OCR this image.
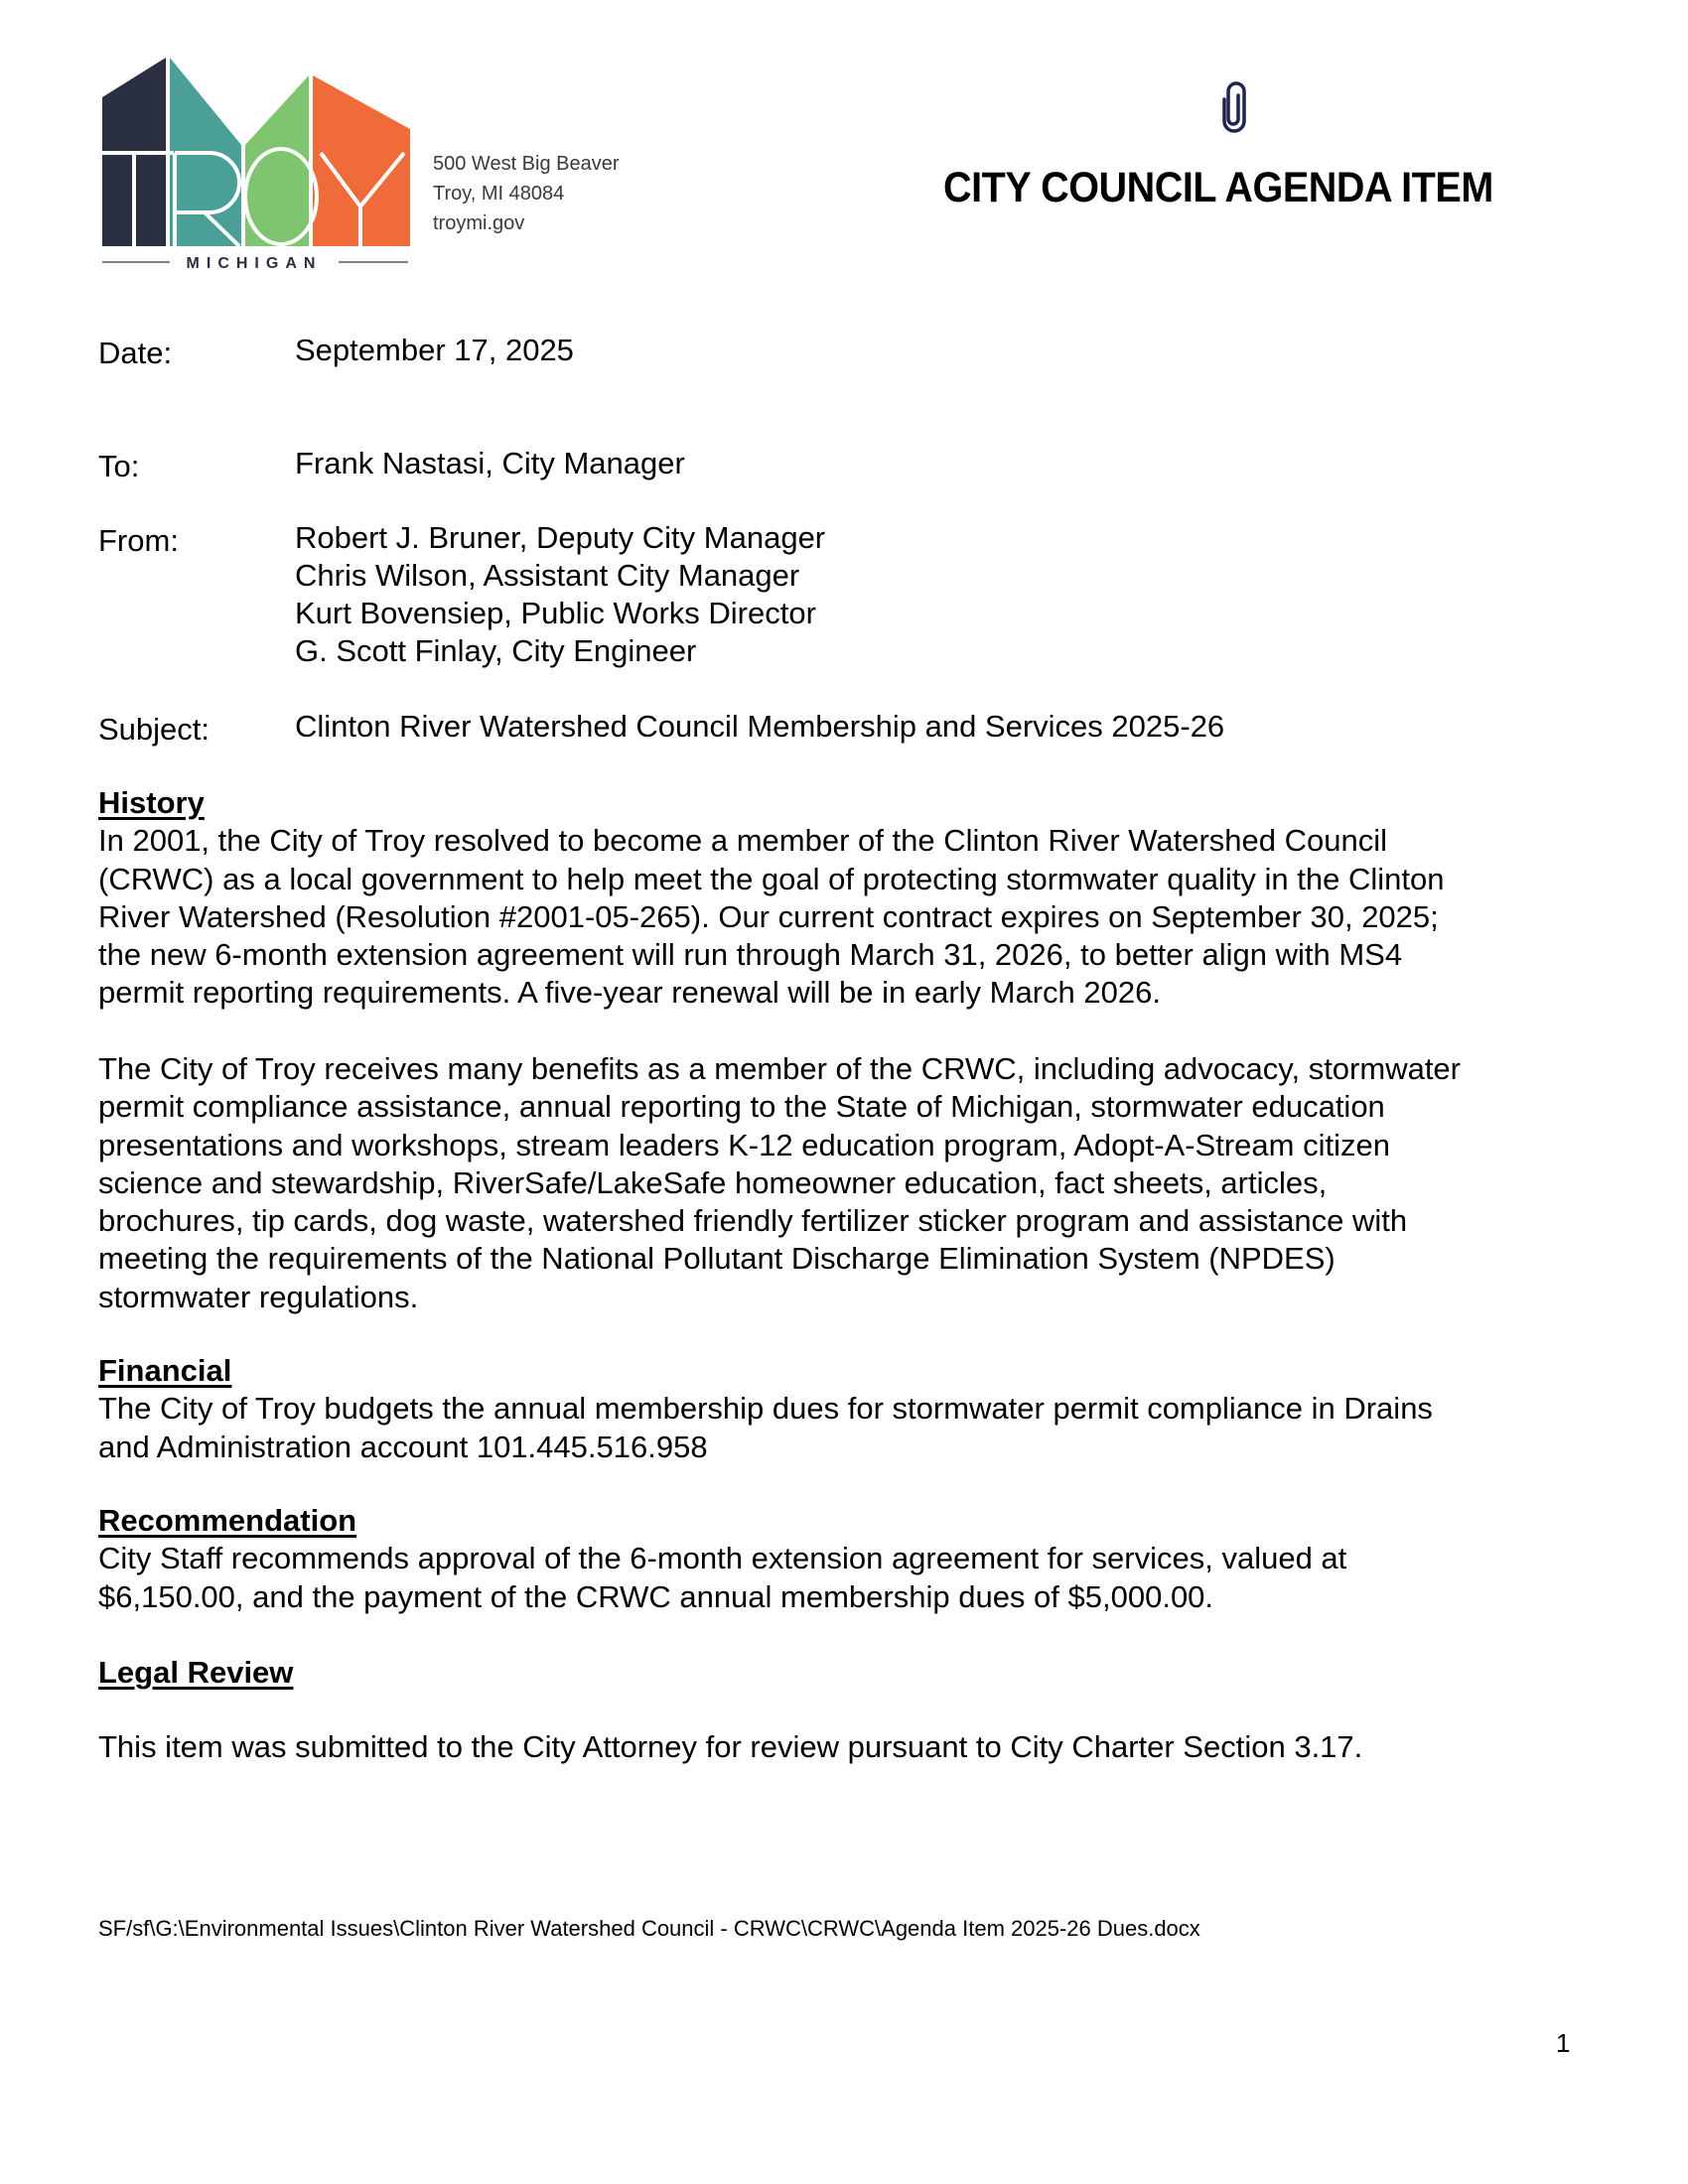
MICHIGAN
500 West Big Beaver
Troy, MI 48084
troymi.gov
CITY COUNCIL AGENDA ITEM
Date:	September 17, 2025
To:	Frank Nastasi, City Manager
From:	Robert J. Bruner, Deputy City Manager
Chris Wilson, Assistant City Manager
Kurt Bovensiep, Public Works Director
G. Scott Finlay, City Engineer
Subject:	Clinton River Watershed Council Membership and Services 2025-26
History
In 2001, the City of Troy resolved to become a member of the Clinton River Watershed Council
(CRWC) as a local government to help meet the goal of protecting stormwater quality in the Clinton
River Watershed (Resolution #2001-05-265). Our current contract expires on September 30, 2025;
the new 6-month extension agreement will run through March 31, 2026, to better align with MS4
permit reporting requirements. A five-year renewal will be in early March 2026.
The City of Troy receives many benefits as a member of the CRWC, including advocacy, stormwater
permit compliance assistance, annual reporting to the State of Michigan, stormwater education
presentations and workshops, stream leaders K-12 education program, Adopt-A-Stream citizen
science and stewardship, RiverSafe/LakeSafe homeowner education, fact sheets, articles,
brochures, tip cards, dog waste, watershed friendly fertilizer sticker program and assistance with
meeting the requirements of the National Pollutant Discharge Elimination System (NPDES)
stormwater regulations.
Financial
The City of Troy budgets the annual membership dues for stormwater permit compliance in Drains
and Administration account 101.445.516.958
Recommendation
City Staff recommends approval of the 6-month extension agreement for services, valued at
$6,150.00, and the payment of the CRWC annual membership dues of $5,000.00.
Legal Review
This item was submitted to the City Attorney for review pursuant to City Charter Section 3.17.
SF/sf\G:\Environmental Issues\Clinton River Watershed Council - CRWC\CRWC\Agenda Item 2025-26 Dues.docx
1
